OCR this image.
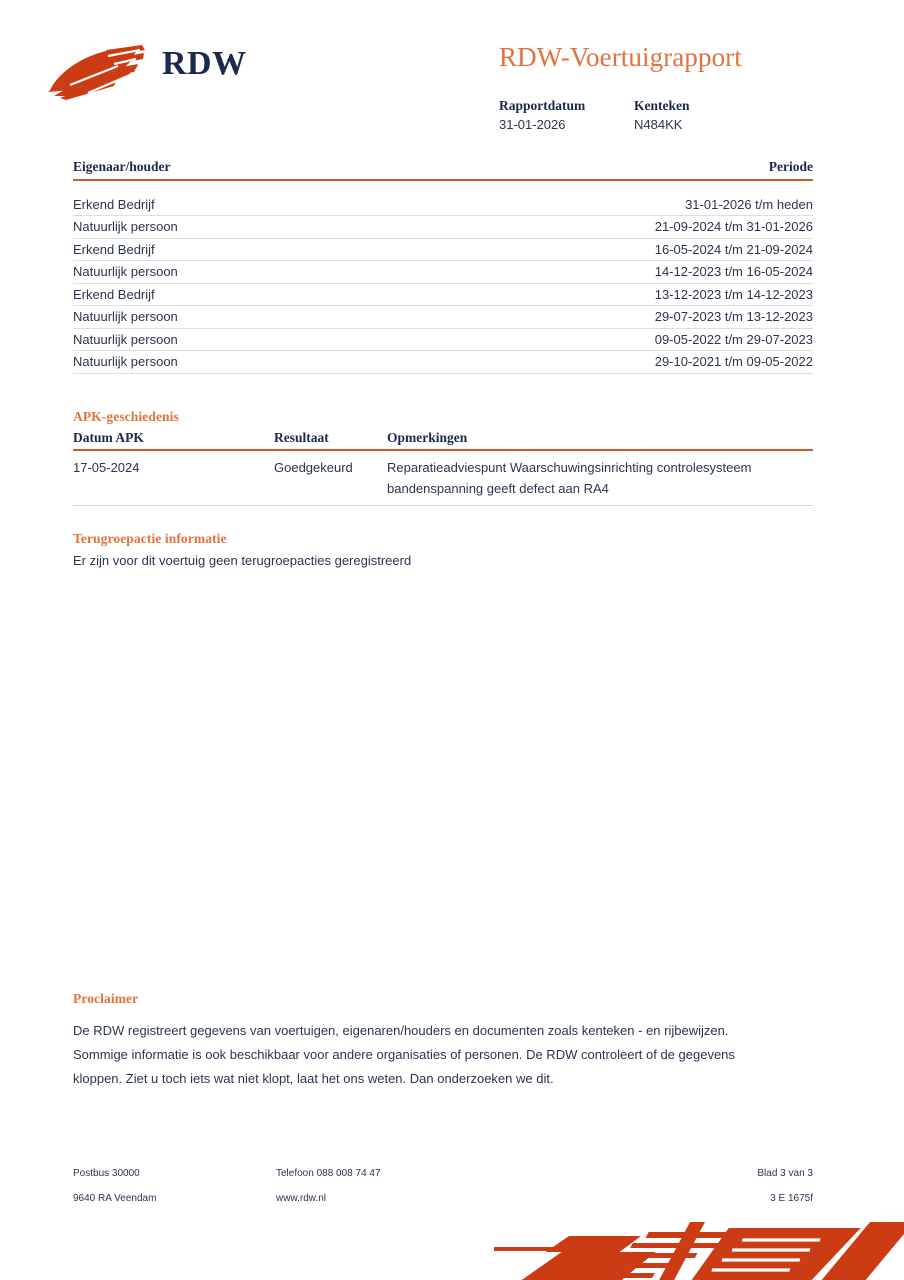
RDW	RDW-Voertuigrapport
Rapportdatum
31-01-2026
Kenteken
N484KK
Eigenaar/houder	Periode
Erkend Bedrijf	31-01-2026 t/m heden
Natuurlijk persoon	21-09-2024 t/m 31-01-2026
Erkend Bedrijf	16-05-2024 t/m 21-09-2024
Natuurlijk persoon	14-12-2023 t/m 16-05-2024
Erkend Bedrijf	13-12-2023 t/m 14-12-2023
Natuurlijk persoon	29-07-2023 t/m 13-12-2023
Natuurlijk persoon	09-05-2022 t/m 29-07-2023
Natuurlijk persoon	29-10-2021 t/m 09-05-2022
APK-geschiedenis
Datum APK	Resultaat	Opmerkingen
17-05-2024	Goedgekeurd	Reparatieadviespunt Waarschuwingsinrichting controlesysteem
bandenspanning geeft defect aan RA4
Terugroepactie informatie
Er zijn voor dit voertuig geen terugroepacties geregistreerd
Proclaimer
De RDW registreert gegevens van voertuigen, eigenaren/houders en documenten zoals kenteken - en rijbewijzen.
Sommige informatie is ook beschikbaar voor andere organisaties of personen. De RDW controleert of de gegevens
kloppen. Ziet u toch iets wat niet klopt, laat het ons weten. Dan onderzoeken we dit.
Postbus 30000	Telefoon 088 008 74 47	Blad 3 van 3
9640 RA Veendam	www.rdw.nl	3 E 1675f
